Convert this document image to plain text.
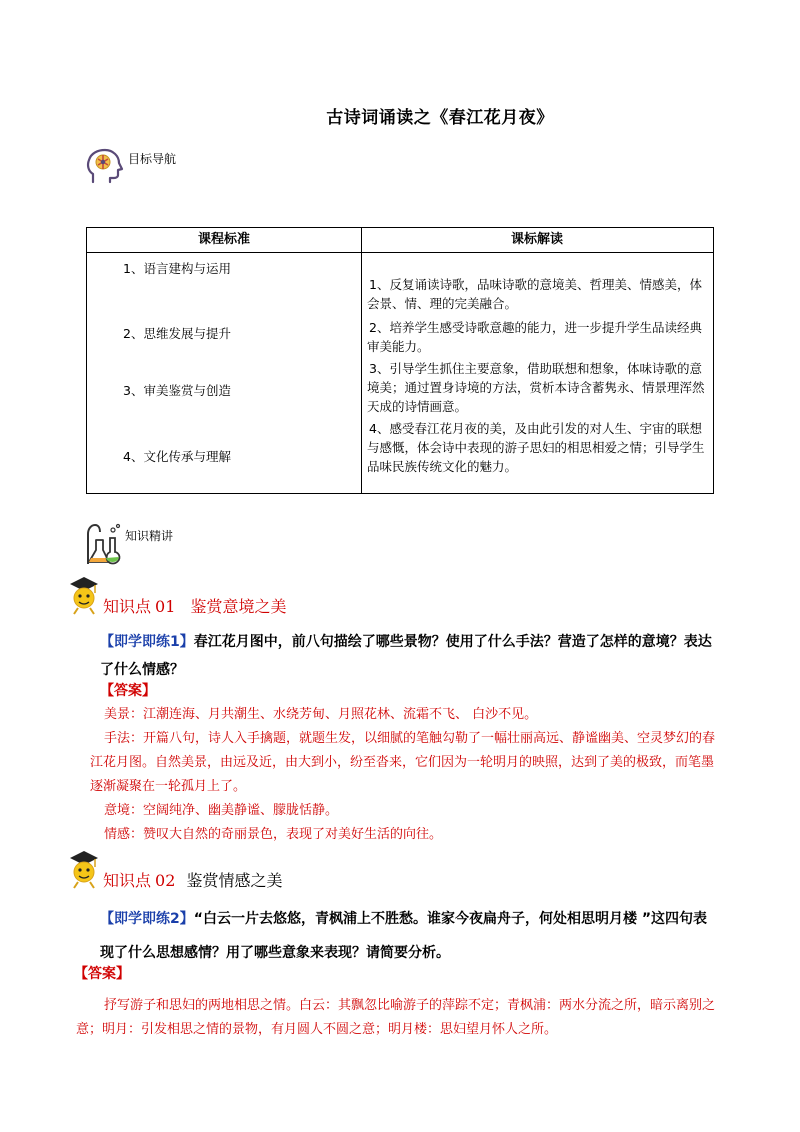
古诗词诵读之《春江花月夜》
目标导航
课程标准	课标解读
1、语言建构与运用
2、思维发展与提升
3、审美鉴赏与创造
4、文化传承与理解
1、反复诵读诗歌，品味诗歌的意境美、哲理美、情感美，体会景、情、理的完美融合。
2、培养学生感受诗歌意趣的能力，进一步提升学生品读经典审美能力。
3、引导学生抓住主要意象，借助联想和想象，体味诗歌的意境美；通过置身诗境的方法，赏析本诗含蓄隽永、情景理浑然天成的诗情画意。
4、感受春江花月夜的美，及由此引发的对人生、宇宙的联想与感慨，体会诗中表现的游子思妇的相思相爱之情；引导学生品味民族传统文化的魅力。
知识精讲
知识点 01 鉴赏意境之美
【即学即练1】春江花月图中，前八句描绘了哪些景物？使用了什么手法？营造了怎样的意境？表达了什么情感？
【答案】

美景：江潮连海、月共潮生、水绕芳甸、月照花林、流霜不飞、 白沙不见。

手法：开篇八句，诗人入手擒题，就题生发，以细腻的笔触勾勒了一幅壮丽高远、静谧幽美、空灵梦幻的春江花月图。自然美景，由远及近，由大到小，纷至沓来，它们因为一轮明月的映照，达到了美的极致，而笔墨逐渐凝聚在一轮孤月上了。

意境：空阔纯净、幽美静谧、朦胧恬静。

情感：赞叹大自然的奇丽景色，表现了对美好生活的向往。

知识点 02 鉴赏情感之美
【即学即练2】“白云一片去悠悠，青枫浦上不胜愁。谁家今夜扁舟子，何处相思明月楼 ”这四句表现了什么思想感情？用了哪些意象来表现？请简要分析。
【答案】

抒写游子和思妇的两地相思之情。白云：其飘忽比喻游子的萍踪不定；青枫浦：两水分流之所，暗示离别之意；明月：引发相思之情的景物，有月圆人不圆之意；明月楼：思妇望月怀人之所。
